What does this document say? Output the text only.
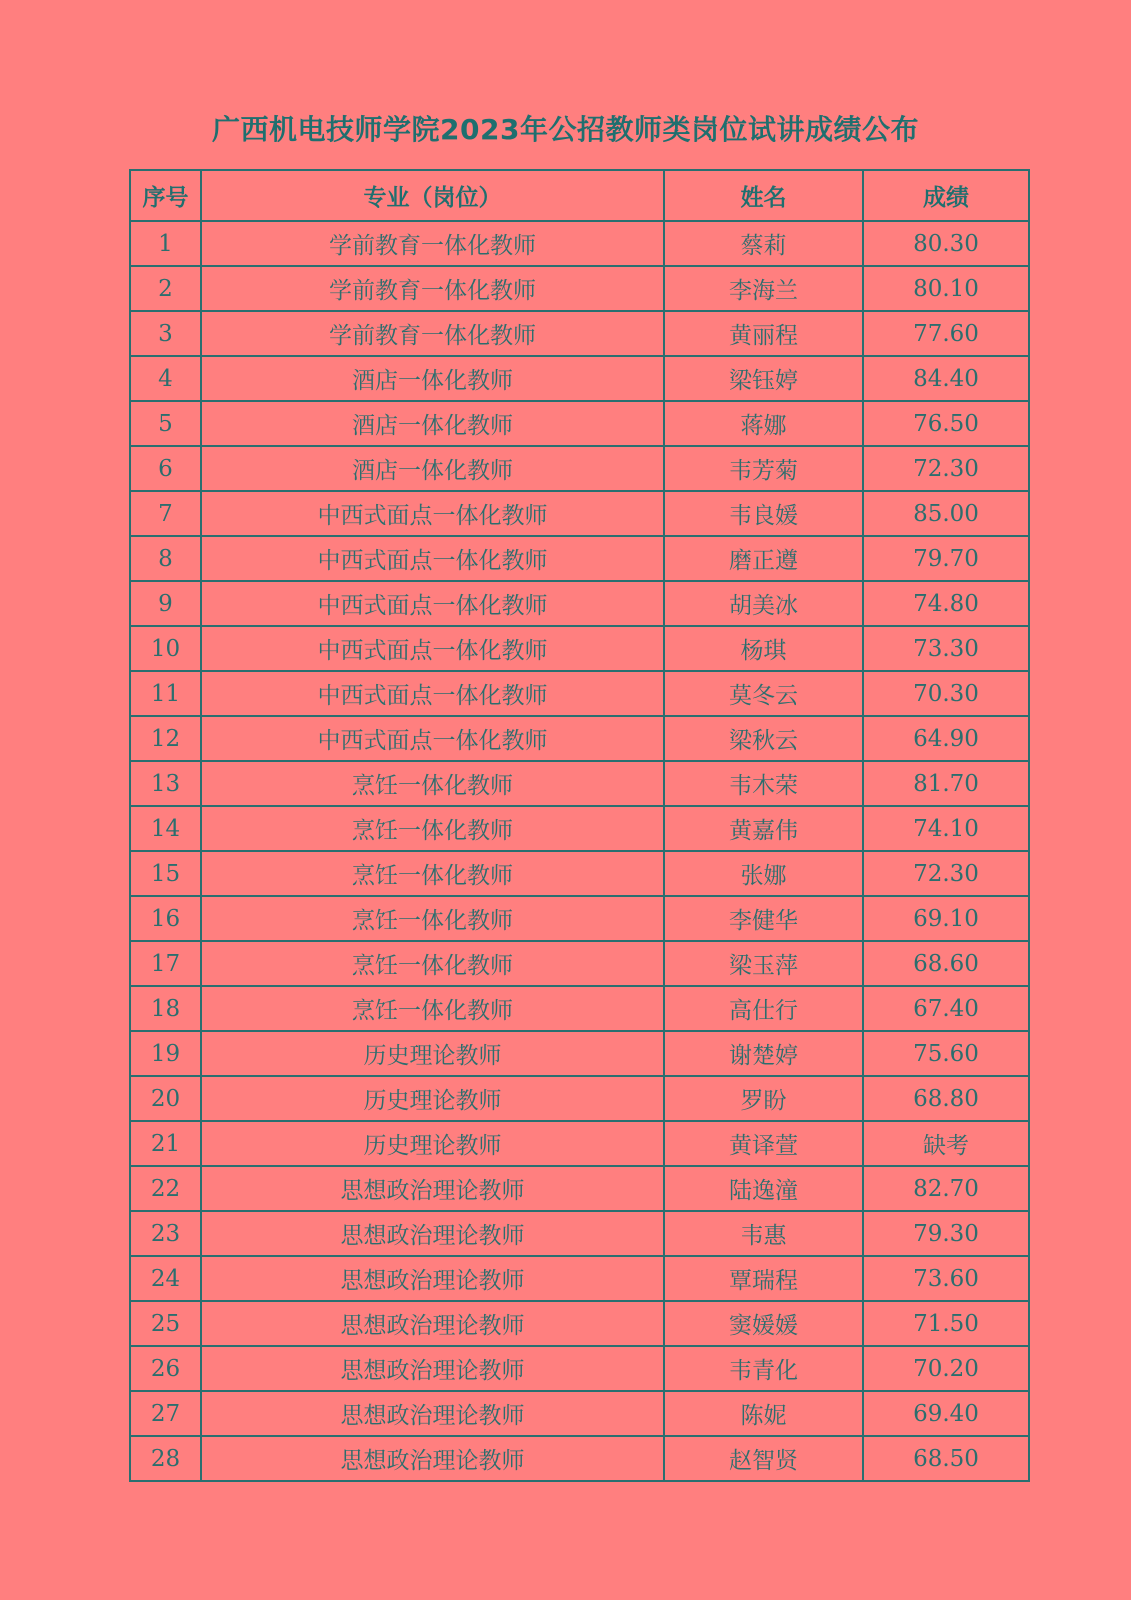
广西机电技师学院2023年公招教师类岗位试讲成绩公布
序号	专业（岗位）	姓名	成绩
1	学前教育一体化教师	蔡莉	80.30
2	学前教育一体化教师	李海兰	80.10
3	学前教育一体化教师	黄丽程	77.60
4	酒店一体化教师	梁钰婷	84.40
5	酒店一体化教师	蒋娜	76.50
6	酒店一体化教师	韦芳菊	72.30
7	中西式面点一体化教师	韦良媛	85.00
8	中西式面点一体化教师	磨正遵	79.70
9	中西式面点一体化教师	胡美冰	74.80
10	中西式面点一体化教师	杨琪	73.30
11	中西式面点一体化教师	莫冬云	70.30
12	中西式面点一体化教师	梁秋云	64.90
13	烹饪一体化教师	韦木荣	81.70
14	烹饪一体化教师	黄嘉伟	74.10
15	烹饪一体化教师	张娜	72.30
16	烹饪一体化教师	李健华	69.10
17	烹饪一体化教师	梁玉萍	68.60
18	烹饪一体化教师	高仕行	67.40
19	历史理论教师	谢楚婷	75.60
20	历史理论教师	罗盼	68.80
21	历史理论教师	黄译萱	缺考
22	思想政治理论教师	陆逸潼	82.70
23	思想政治理论教师	韦惠	79.30
24	思想政治理论教师	覃瑞程	73.60
25	思想政治理论教师	窦媛媛	71.50
26	思想政治理论教师	韦青化	70.20
27	思想政治理论教师	陈妮	69.40
28	思想政治理论教师	赵智贤	68.50
